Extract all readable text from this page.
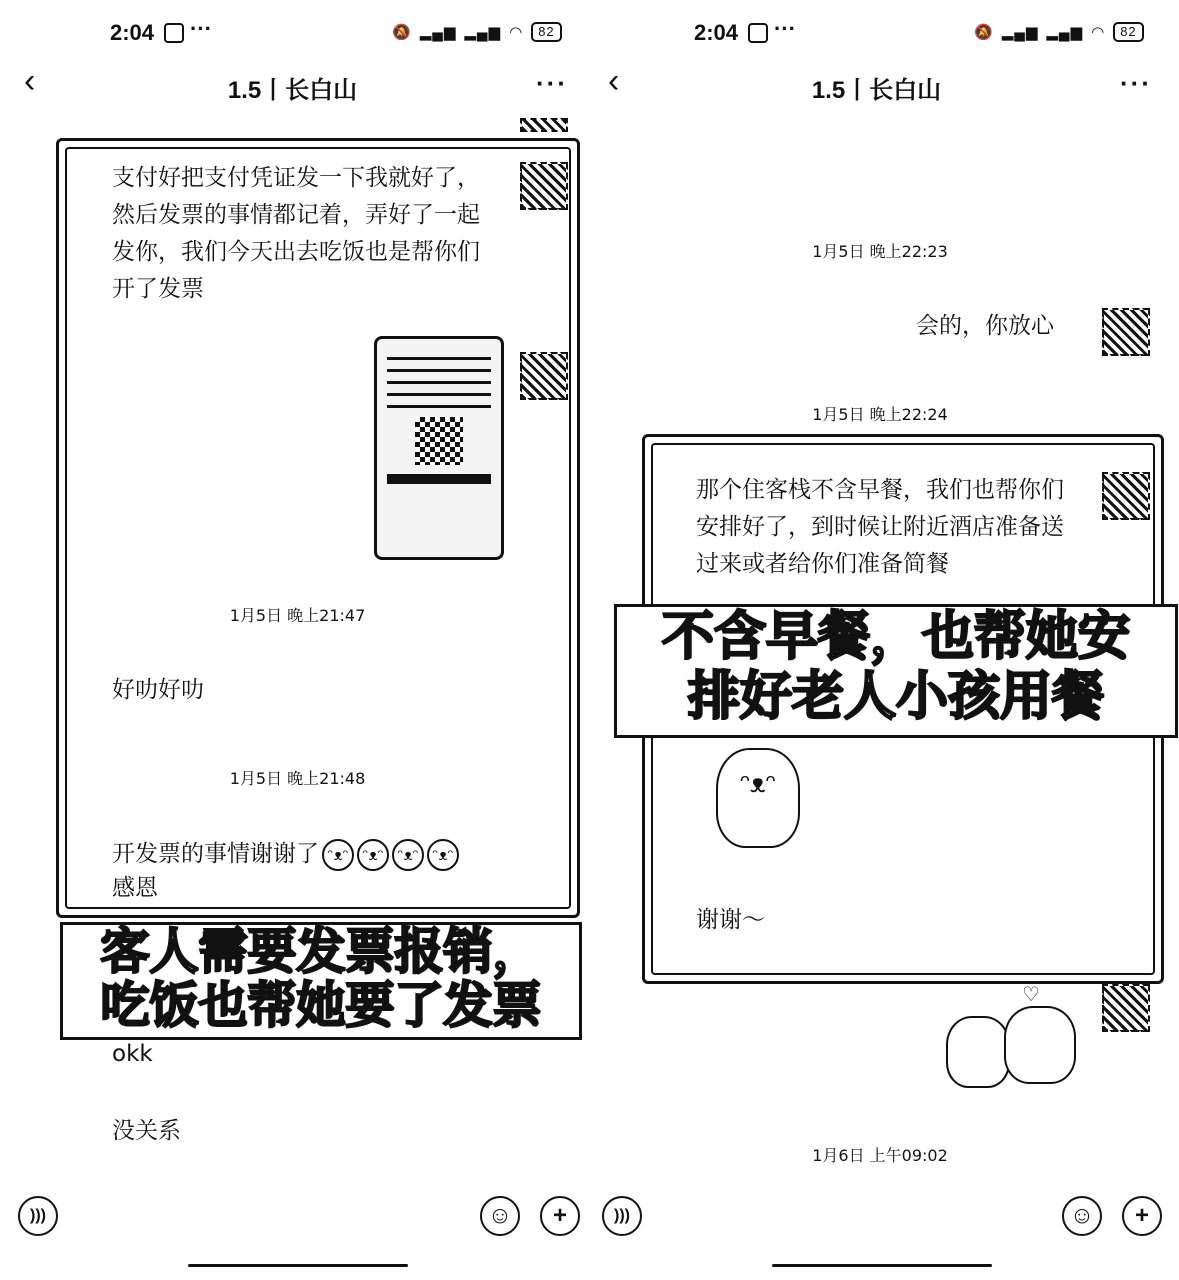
2:04 ···	🔕 ▂▄▆ ▂▄▆ ◠	82
‹	1.5丨长白山	···
支付好把支付凭证发一下我就好了，然后发票的事情都记着，弄好了一起发你，我们今天出去吃饭也是帮你们开了发票
1月5日 晚上21:47
好叻好叻
1月5日 晚上21:48
开发票的事情谢谢了 ᵔᴥᵔ ᵔᴥᵔ ᵔᴥᵔ ᵔᴥᵔ
感恩
客人需要发票报销，
吃饭也帮她要了发票
okk
没关系
)))	☺	+
2:04 ···	🔕 ▂▄▆ ▂▄▆ ◠	82
‹	1.5丨长白山	···
1月5日 晚上22:23
会的，你放心
1月5日 晚上22:24
那个住客栈不含早餐，我们也帮你们安排好了，到时候让附近酒店准备送过来或者给你们准备简餐
不含早餐，也帮她安
排好老人小孩用餐
ᵔᴥᵔ
谢谢～
♡
1月6日 上午09:02
)))	☺	+
